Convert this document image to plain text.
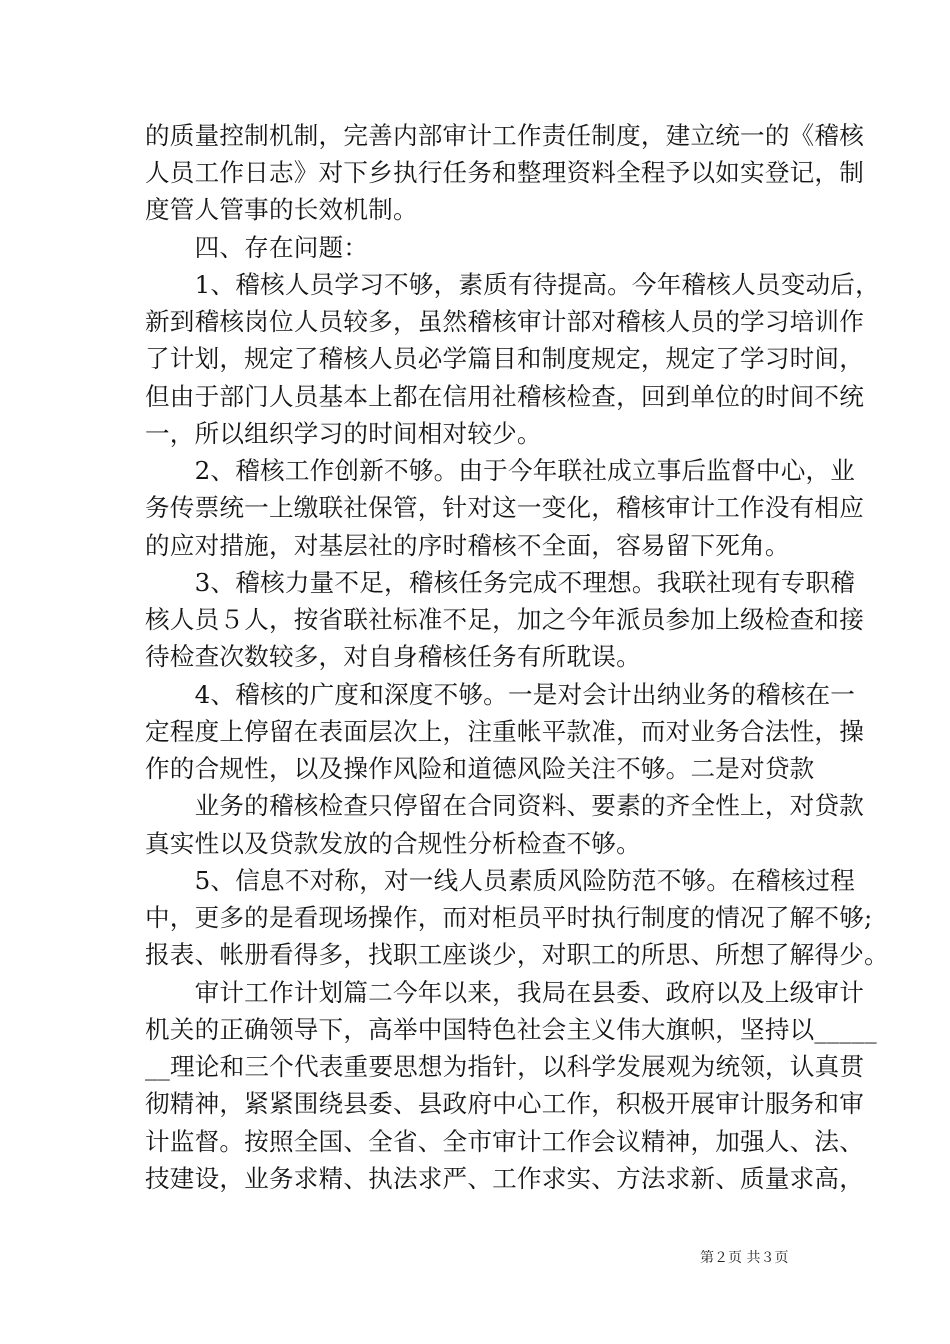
的质量控制机制，完善内部审计工作责任制度，建立统一的《稽核
人员工作日志》对下乡执行任务和整理资料全程予以如实登记，制
度管人管事的长效机制。
　　四、存在问题：
　　1、稽核人员学习不够，素质有待提高。今年稽核人员变动后，
新到稽核岗位人员较多，虽然稽核审计部对稽核人员的学习培训作
了计划，规定了稽核人员必学篇目和制度规定，规定了学习时间，
但由于部门人员基本上都在信用社稽核检查，回到单位的时间不统
一，所以组织学习的时间相对较少。
　　2、稽核工作创新不够。由于今年联社成立事后监督中心，业
务传票统一上缴联社保管，针对这一变化，稽核审计工作没有相应
的应对措施，对基层社的序时稽核不全面，容易留下死角。
　　3、稽核力量不足，稽核任务完成不理想。我联社现有专职稽
核人员５人，按省联社标准不足，加之今年派员参加上级检查和接
待检查次数较多，对自身稽核任务有所耽误。
　　4、稽核的广度和深度不够。一是对会计出纳业务的稽核在一
定程度上停留在表面层次上，注重帐平款准，而对业务合法性，操
作的合规性，以及操作风险和道德风险关注不够。二是对贷款
　　业务的稽核检查只停留在合同资料、要素的齐全性上，对贷款
真实性以及贷款发放的合规性分析检查不够。
　　5、信息不对称，对一线人员素质风险防范不够。在稽核过程
中，更多的是看现场操作，而对柜员平时执行制度的情况了解不够;
报表、帐册看得多，找职工座谈少，对职工的所思、所想了解得少。
　　审计工作计划篇二今年以来，我局在县委、政府以及上级审计
机关的正确领导下，高举中国特色社会主义伟大旗帜，坚持以_____
__理论和三个代表重要思想为指针，以科学发展观为统领，认真贯
彻精神，紧紧围绕县委、县政府中心工作，积极开展审计服务和审
计监督。按照全国、全省、全市审计工作会议精神，加强人、法、
技建设，业务求精、执法求严、工作求实、方法求新、质量求高，
第２页 共３页
